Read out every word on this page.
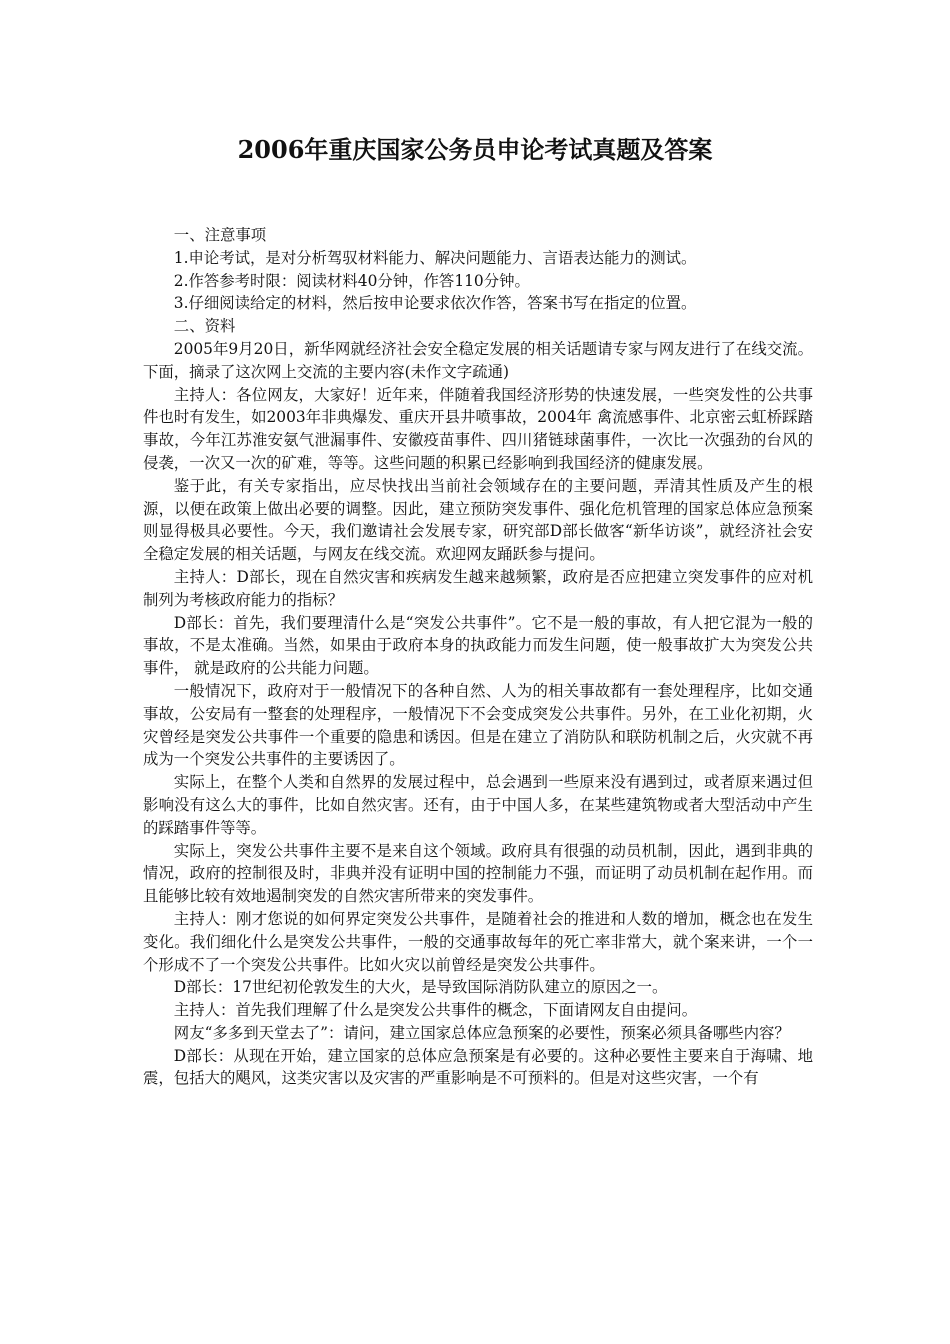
2006年重庆国家公务员申论考试真题及答案

一、注意事项

1.申论考试，是对分析驾驭材料能力、解决问题能力、言语表达能力的测试。

2.作答参考时限：阅读材料40分钟，作答110分钟。

3.仔细阅读给定的材料，然后按申论要求依次作答，答案书写在指定的位置。

二、资料

2005年9月20日，新华网就经济社会安全稳定发展的相关话题请专家与网友进行了在线交流。下面，摘录了这次网上交流的主要内容(未作文字疏通)

主持人：各位网友，大家好！近年来，伴随着我国经济形势的快速发展，一些突发性的公共事件也时有发生，如2003年非典爆发、重庆开县井喷事故，2004年 禽流感事件、北京密云虹桥踩踏事故，今年江苏淮安氨气泄漏事件、安徽疫苗事件、四川猪链球菌事件，一次比一次强劲的台风的侵袭，一次又一次的矿难，等等。这些问题的积累已经影响到我国经济的健康发展。

鉴于此，有关专家指出，应尽快找出当前社会领域存在的主要问题，弄清其性质及产生的根源，以便在政策上做出必要的调整。因此，建立预防突发事件、强化危机管理的国家总体应急预案则显得极具必要性。今天，我们邀请社会发展专家，研究部D部长做客“新华访谈”，就经济社会安全稳定发展的相关话题，与网友在线交流。欢迎网友踊跃参与提问。

主持人：D部长，现在自然灾害和疾病发生越来越频繁，政府是否应把建立突发事件的应对机制列为考核政府能力的指标？

D部长：首先，我们要理清什么是“突发公共事件”。它不是一般的事故，有人把它混为一般的事故，不是太准确。当然，如果由于政府本身的执政能力而发生问题，使一般事故扩大为突发公共事件， 就是政府的公共能力问题。

一般情况下，政府对于一般情况下的各种自然、人为的相关事故都有一套处理程序，比如交通事故，公安局有一整套的处理程序，一般情况下不会变成突发公共事件。另外，在工业化初期，火灾曾经是突发公共事件一个重要的隐患和诱因。但是在建立了消防队和联防机制之后，火灾就不再成为一个突发公共事件的主要诱因了。

实际上，在整个人类和自然界的发展过程中，总会遇到一些原来没有遇到过，或者原来遇过但影响没有这么大的事件，比如自然灾害。还有，由于中国人多，在某些建筑物或者大型活动中产生的踩踏事件等等。

实际上，突发公共事件主要不是来自这个领域。政府具有很强的动员机制，因此，遇到非典的情况，政府的控制很及时，非典并没有证明中国的控制能力不强，而证明了动员机制在起作用。而且能够比较有效地遏制突发的自然灾害所带来的突发事件。

主持人：刚才您说的如何界定突发公共事件，是随着社会的推进和人数的增加，概念也在发生变化。我们细化什么是突发公共事件，一般的交通事故每年的死亡率非常大，就个案来讲，一个一个形成不了一个突发公共事件。比如火灾以前曾经是突发公共事件。

D部长：17世纪初伦敦发生的大火，是导致国际消防队建立的原因之一。

主持人：首先我们理解了什么是突发公共事件的概念，下面请网友自由提问。

网友“多多到天堂去了”：请问，建立国家总体应急预案的必要性，预案必须具备哪些内容？

D部长：从现在开始，建立国家的总体应急预案是有必要的。这种必要性主要来自于海啸、地震，包括大的飓风，这类灾害以及灾害的严重影响是不可预料的。但是对这些灾害，一个有
